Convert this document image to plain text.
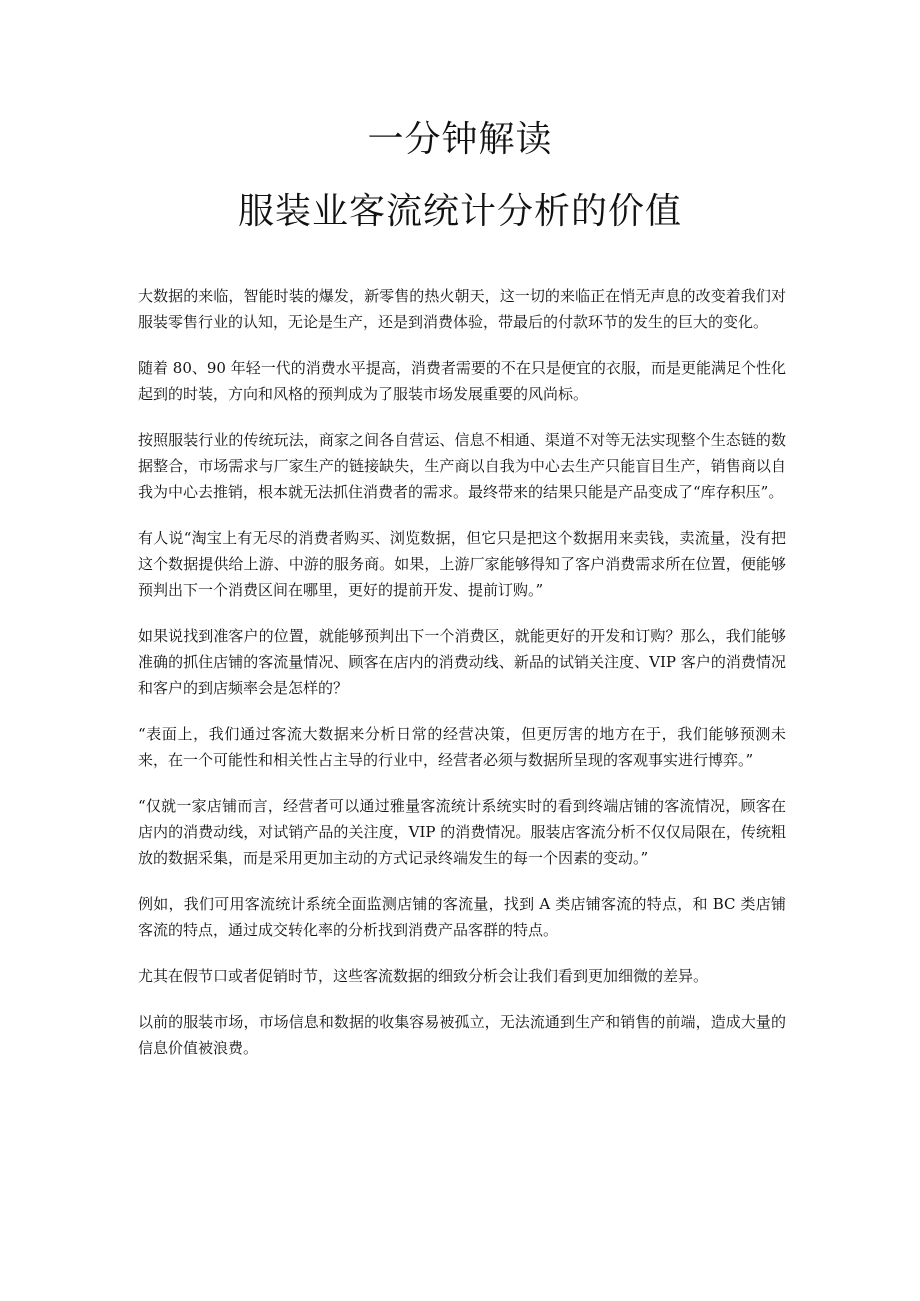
一分钟解读
服装业客流统计分析的价值

大数据的来临，智能时装的爆发，新零售的热火朝天，这一切的来临正在悄无声息的改变着我们对服装零售行业的认知，无论是生产，还是到消费体验，带最后的付款环节的发生的巨大的变化。

随着 80、90 年轻一代的消费水平提高，消费者需要的不在只是便宜的衣服，而是更能满足个性化起到的时装，方向和风格的预判成为了服装市场发展重要的风尚标。

按照服装行业的传统玩法，商家之间各自营运、信息不相通、渠道不对等无法实现整个生态链的数据整合，市场需求与厂家生产的链接缺失，生产商以自我为中心去生产只能盲目生产，销售商以自我为中心去推销，根本就无法抓住消费者的需求。最终带来的结果只能是产品变成了“库存积压”。

有人说“淘宝上有无尽的消费者购买、浏览数据，但它只是把这个数据用来卖钱，卖流量，没有把这个数据提供给上游、中游的服务商。如果，上游厂家能够得知了客户消费需求所在位置，便能够预判出下一个消费区间在哪里，更好的提前开发、提前订购。”

如果说找到准客户的位置，就能够预判出下一个消费区，就能更好的开发和订购？那么，我们能够准确的抓住店铺的客流量情况、顾客在店内的消费动线、新品的试销关注度、VIP 客户的消费情况和客户的到店频率会是怎样的？

“表面上，我们通过客流大数据来分析日常的经营决策，但更厉害的地方在于，我们能够预测未来，在一个可能性和相关性占主导的行业中，经营者必须与数据所呈现的客观事实进行博弈。”

“仅就一家店铺而言，经营者可以通过雅量客流统计系统实时的看到终端店铺的客流情况，顾客在店内的消费动线，对试销产品的关注度，VIP 的消费情况。服装店客流分析不仅仅局限在，传统粗放的数据采集，而是采用更加主动的方式记录终端发生的每一个因素的变动。”

例如，我们可用客流统计系统全面监测店铺的客流量，找到 A 类店铺客流的特点，和 BC 类店铺客流的特点，通过成交转化率的分析找到消费产品客群的特点。

尤其在假节口或者促销时节，这些客流数据的细致分析会让我们看到更加细微的差异。

以前的服装市场，市场信息和数据的收集容易被孤立，无法流通到生产和销售的前端，造成大量的信息价值被浪费。
